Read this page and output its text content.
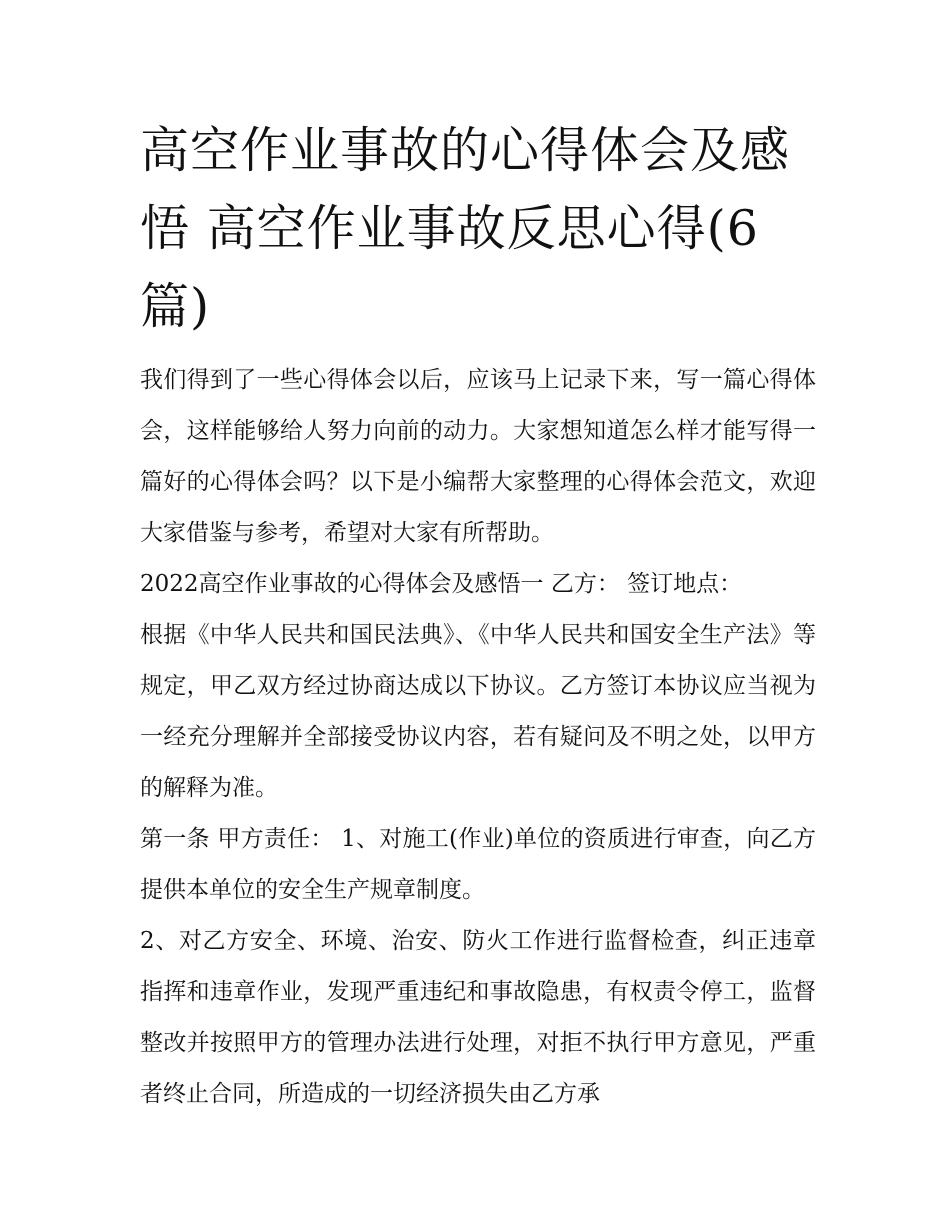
高空作业事故的心得体会及感悟 高空作业事故反思心得(6篇)

我们得到了一些心得体会以后，应该马上记录下来，写一篇心得体会，这样能够给人努力向前的动力。大家想知道怎么样才能写得一篇好的心得体会吗？以下是小编帮大家整理的心得体会范文，欢迎大家借鉴与参考，希望对大家有所帮助。

2022高空作业事故的心得体会及感悟一 乙方： 签订地点：

根据《中华人民共和国民法典》、《中华人民共和国安全生产法》等规定，甲乙双方经过协商达成以下协议。乙方签订本协议应当视为一经充分理解并全部接受协议内容，若有疑问及不明之处，以甲方的解释为准。

第一条 甲方责任： 1、对施工(作业)单位的资质进行审查，向乙方提供本单位的安全生产规章制度。

2、对乙方安全、环境、治安、防火工作进行监督检查，纠正违章指挥和违章作业，发现严重违纪和事故隐患，有权责令停工，监督整改并按照甲方的管理办法进行处理，对拒不执行甲方意见，严重者终止合同，所造成的一切经济损失由乙方承
